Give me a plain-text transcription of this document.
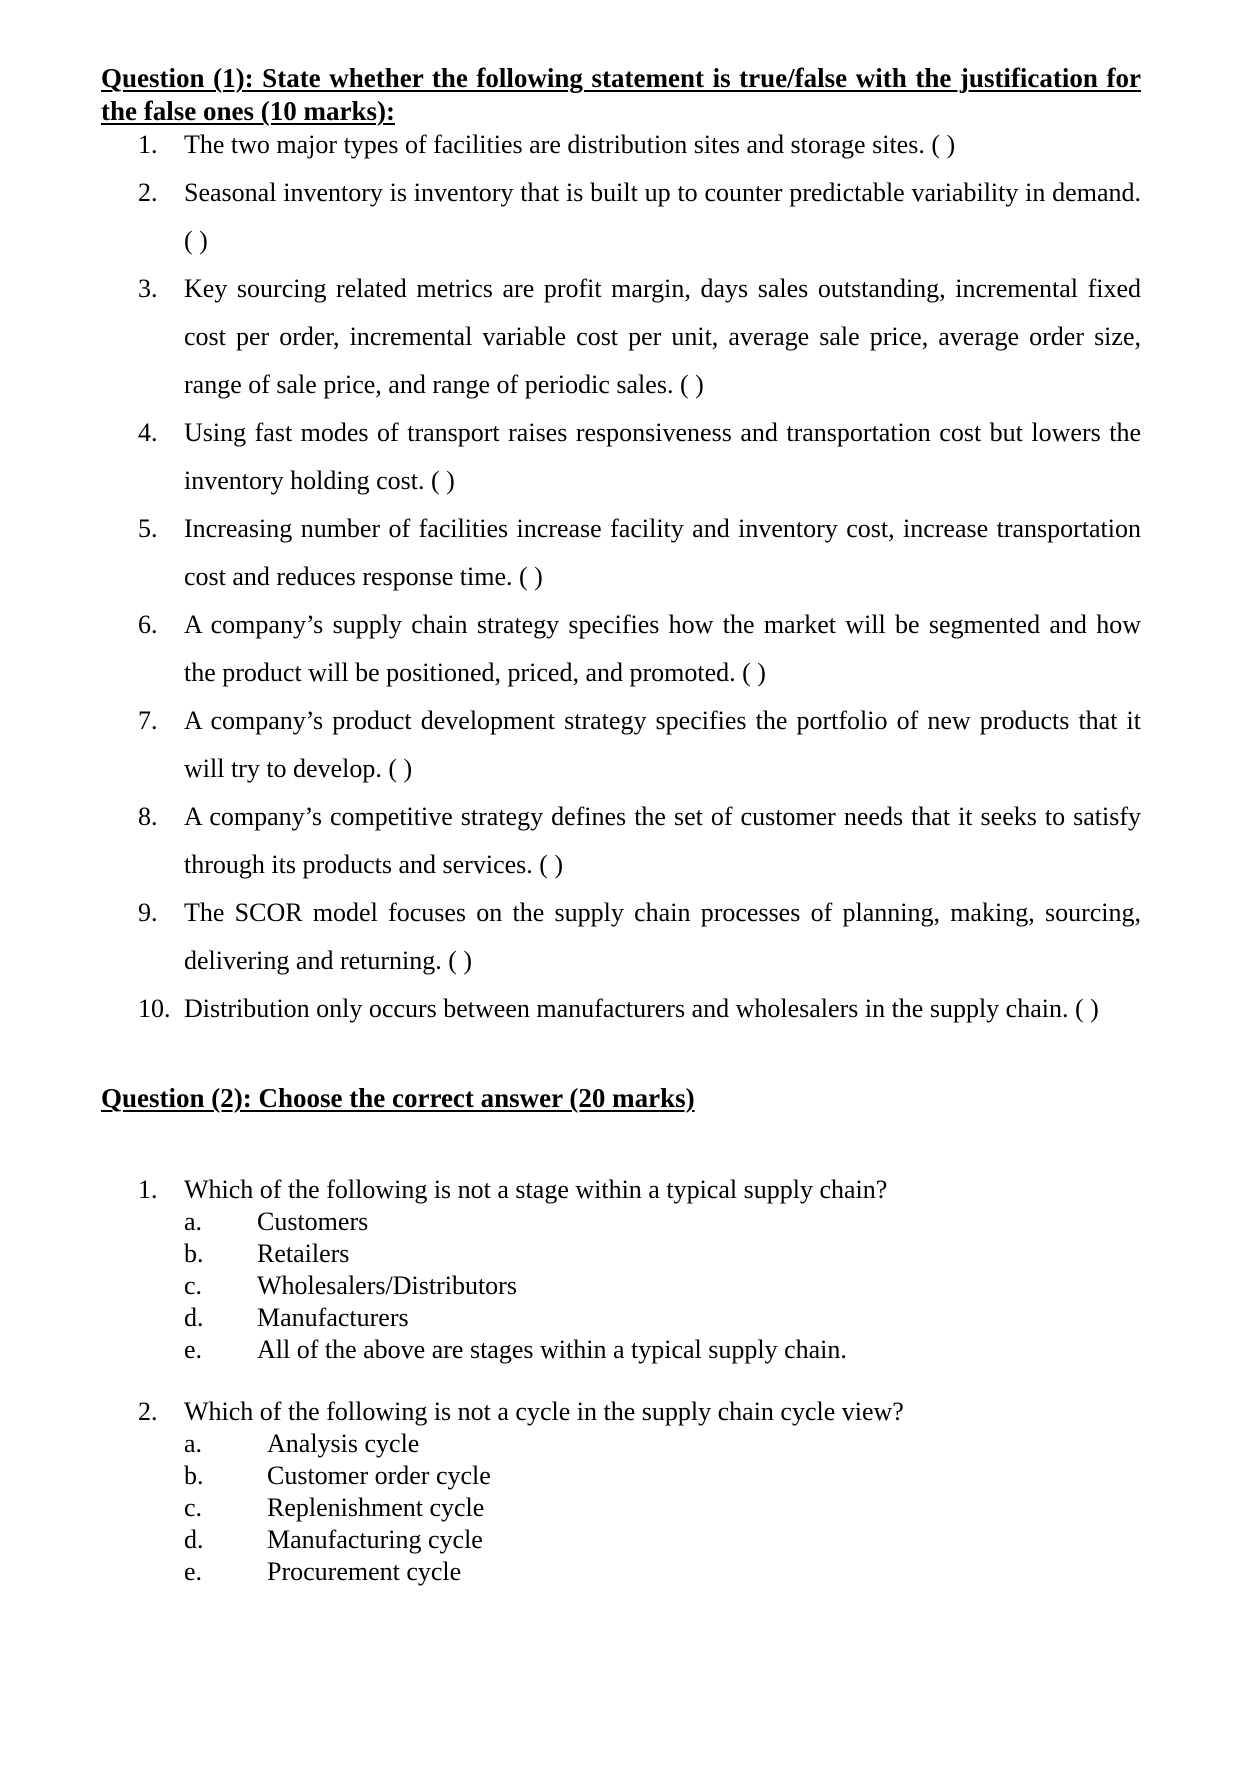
Question (1): State whether the following statement is true/false with the justification for the false ones (10 marks):
1. The two major types of facilities are distribution sites and storage sites. ( )
2. Seasonal inventory is inventory that is built up to counter predictable variability in demand. ( )
3. Key sourcing related metrics are profit margin, days sales outstanding, incremental fixed cost per order, incremental variable cost per unit, average sale price, average order size, range of sale price, and range of periodic sales. ( )
4. Using fast modes of transport raises responsiveness and transportation cost but lowers the inventory holding cost. ( )
5. Increasing number of facilities increase facility and inventory cost, increase transportation cost and reduces response time. ( )
6. A company’s supply chain strategy specifies how the market will be segmented and how the product will be positioned, priced, and promoted. ( )
7. A company’s product development strategy specifies the portfolio of new products that it will try to develop. ( )
8. A company’s competitive strategy defines the set of customer needs that it seeks to satisfy through its products and services. ( )
9. The SCOR model focuses on the supply chain processes of planning, making, sourcing, delivering and returning. ( )
10. Distribution only occurs between manufacturers and wholesalers in the supply chain. ( )
Question (2): Choose the correct answer (20 marks)
1. Which of the following is not a stage within a typical supply chain?
a. Customers
b. Retailers
c. Wholesalers/Distributors
d. Manufacturers
e. All of the above are stages within a typical supply chain.
2. Which of the following is not a cycle in the supply chain cycle view?
a. Analysis cycle
b. Customer order cycle
c. Replenishment cycle
d. Manufacturing cycle
e. Procurement cycle
